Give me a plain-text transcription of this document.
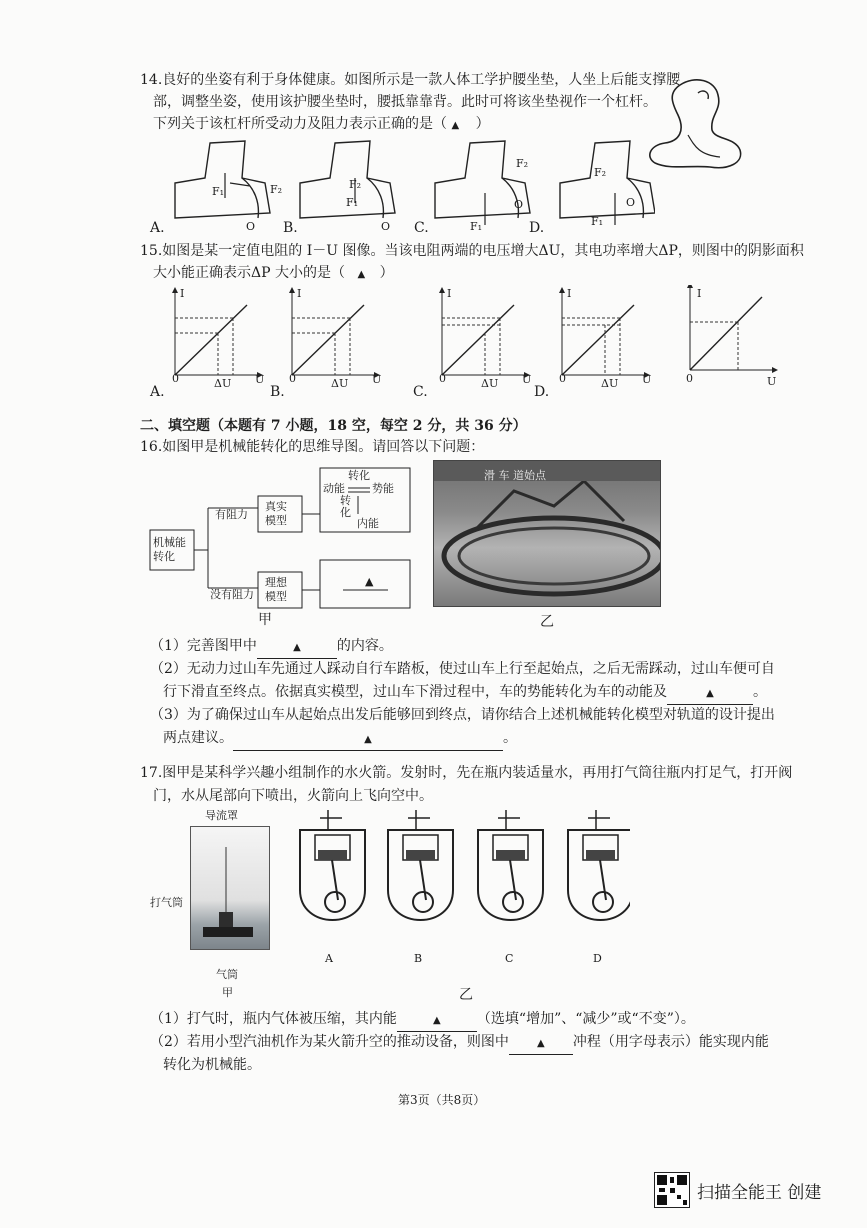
14.良好的坐姿有利于身体健康。如图所示是一款人体工学护腰坐垫，人坐上后能支撑腰
部，调整坐姿，使用该护腰坐垫时，腰抵靠靠背。此时可将该坐垫视作一个杠杆。
下列关于该杠杆所受动力及阻力表示正确的是（ ▲ ）
A.	B.	C.	D.
F₁	F₂
O
F₂
F₁
O
F₂
F₁
O
F₂
F₁
O
15.如图是某一定值电阻的 I－U 图像。当该电阻两端的电压增大ΔU，其电功率增大ΔP，则图中的阴影面积
大小能正确表示ΔP 大小的是（ ▲ ）
I
0	ΔU U
A.
I
0	ΔU U
B.
I
0	ΔU U
C.
I
0	ΔU U
D.
I
0	U
二、填空题（本题有 7 小题，18 空，每空 2 分，共 36 分）
16.如图甲是机械能转化的思维导图。请回答以下问题：
机械能转化
有阻力
没有阻力
真实模型
理想模型
动能 势能
转化
转化
内能
▲
滑 车 道始点
甲	乙
（1）完善图甲中	▲	的内容。
（2）无动力过山车先通过人踩动自行车踏板，使过山车上行至起始点，之后无需踩动，过山车便可自
行下滑直至终点。依据真实模型，过山车下滑过程中，车的势能转化为车的动能及	▲	。
（3）为了确保过山车从起始点出发后能够回到终点，请你结合上述机械能转化模型对轨道的设计提出
两点建议。	▲	。
17.图甲是某科学兴趣小组制作的水火箭。发射时，先在瓶内装适量水，再用打气筒往瓶内打足气，打开阀
门，水从尾部向下喷出，火箭向上飞向空中。
导流罩
打气筒
气筒
甲
A	B	C	D
乙
（1）打气时，瓶内气体被压缩，其内能	▲	（选填“增加”、“减少”或“不变”）。
（2）若用小型汽油机作为某火箭升空的推动设备，则图中	▲ 冲程（用字母表示）能实现内能
转化为机械能。
第3页（共8页）
扫描全能王 创建
